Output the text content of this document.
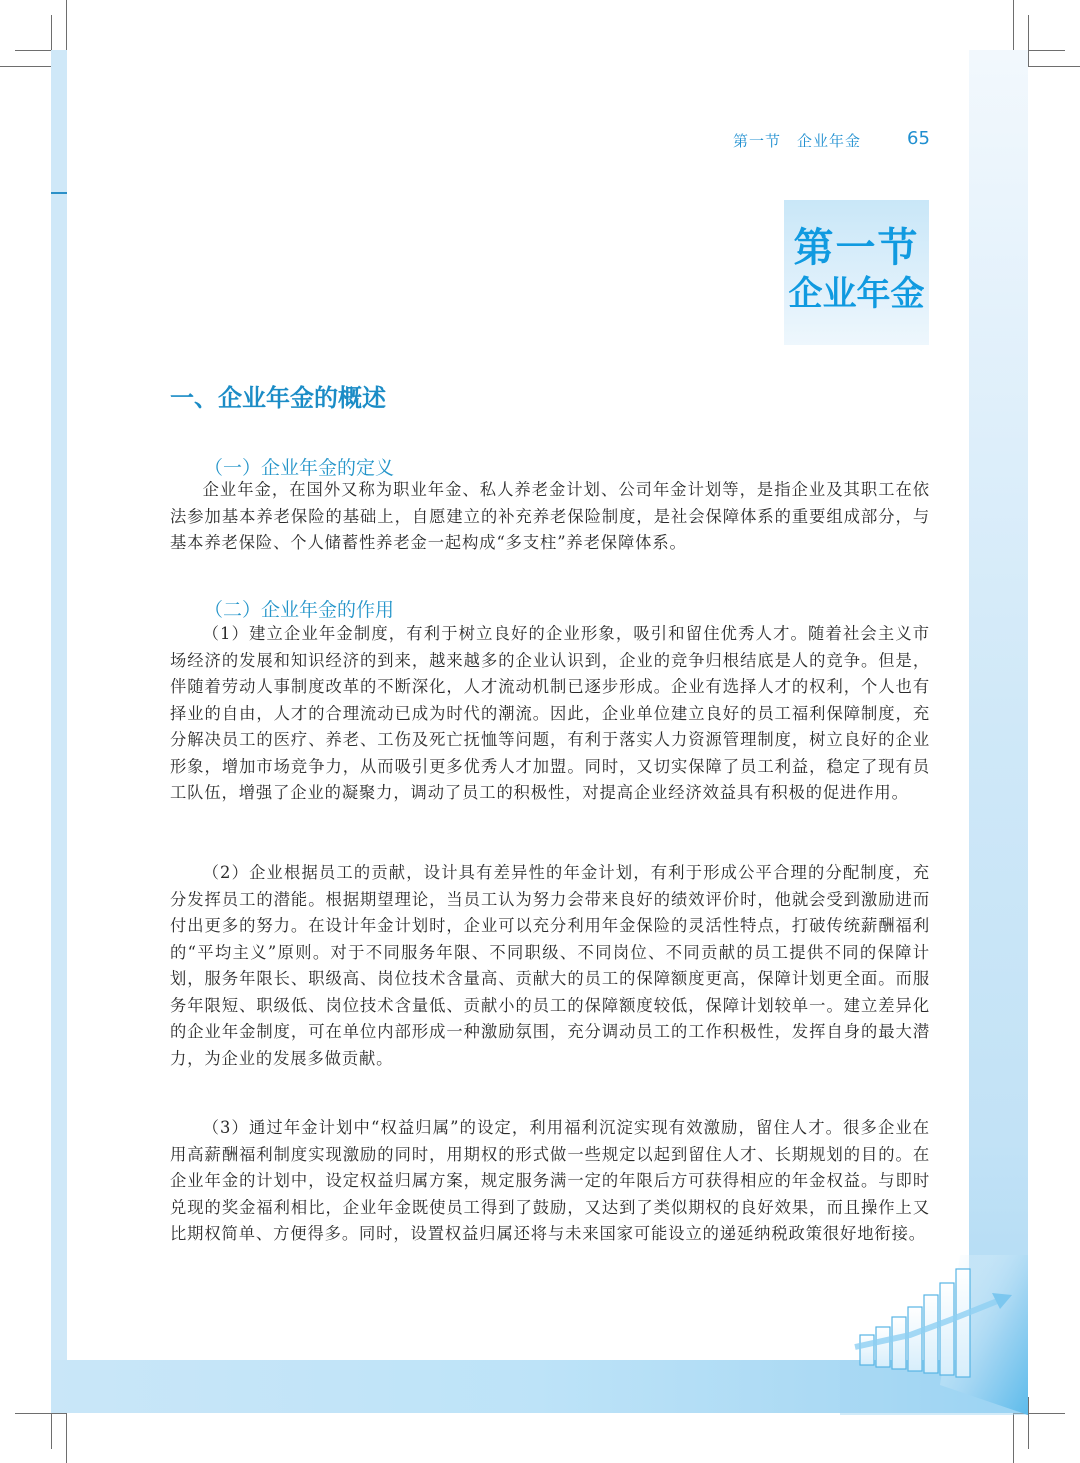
第一节　企业年金	65
第一节
企业年金
一、企业年金的概述
（一）企业年金的定义

企业年金，在国外又称为职业年金、私人养老金计划、公司年金计划等，是指企业及其职工在依法参加基本养老保险的基础上，自愿建立的补充养老保险制度，是社会保障体系的重要组成部分，与基本养老保险、个人储蓄性养老金一起构成“多支柱”养老保障体系。

（二）企业年金的作用

（1）建立企业年金制度，有利于树立良好的企业形象，吸引和留住优秀人才。随着社会主义市场经济的发展和知识经济的到来，越来越多的企业认识到，企业的竞争归根结底是人的竞争。但是，伴随着劳动人事制度改革的不断深化，人才流动机制已逐步形成。企业有选择人才的权利，个人也有择业的自由，人才的合理流动已成为时代的潮流。因此，企业单位建立良好的员工福利保障制度，充分解决员工的医疗、养老、工伤及死亡抚恤等问题，有利于落实人力资源管理制度，树立良好的企业形象，增加市场竞争力，从而吸引更多优秀人才加盟。同时，又切实保障了员工利益，稳定了现有员工队伍，增强了企业的凝聚力，调动了员工的积极性，对提高企业经济效益具有积极的促进作用。

（2）企业根据员工的贡献，设计具有差异性的年金计划，有利于形成公平合理的分配制度，充分发挥员工的潜能。根据期望理论，当员工认为努力会带来良好的绩效评价时，他就会受到激励进而付出更多的努力。在设计年金计划时，企业可以充分利用年金保险的灵活性特点，打破传统薪酬福利的“平均主义”原则。对于不同服务年限、不同职级、不同岗位、不同贡献的员工提供不同的保障计划，服务年限长、职级高、岗位技术含量高、贡献大的员工的保障额度更高，保障计划更全面。而服务年限短、职级低、岗位技术含量低、贡献小的员工的保障额度较低，保障计划较单一。建立差异化的企业年金制度，可在单位内部形成一种激励氛围，充分调动员工的工作积极性，发挥自身的最大潜力，为企业的发展多做贡献。

（3）通过年金计划中“权益归属”的设定，利用福利沉淀实现有效激励，留住人才。很多企业在用高薪酬福利制度实现激励的同时，用期权的形式做一些规定以起到留住人才、长期规划的目的。在企业年金的计划中，设定权益归属方案，规定服务满一定的年限后方可获得相应的年金权益。与即时兑现的奖金福利相比，企业年金既使员工得到了鼓励，又达到了类似期权的良好效果，而且操作上又比期权简单、方便得多。同时，设置权益归属还将与未来国家可能设立的递延纳税政策很好地衔接。
